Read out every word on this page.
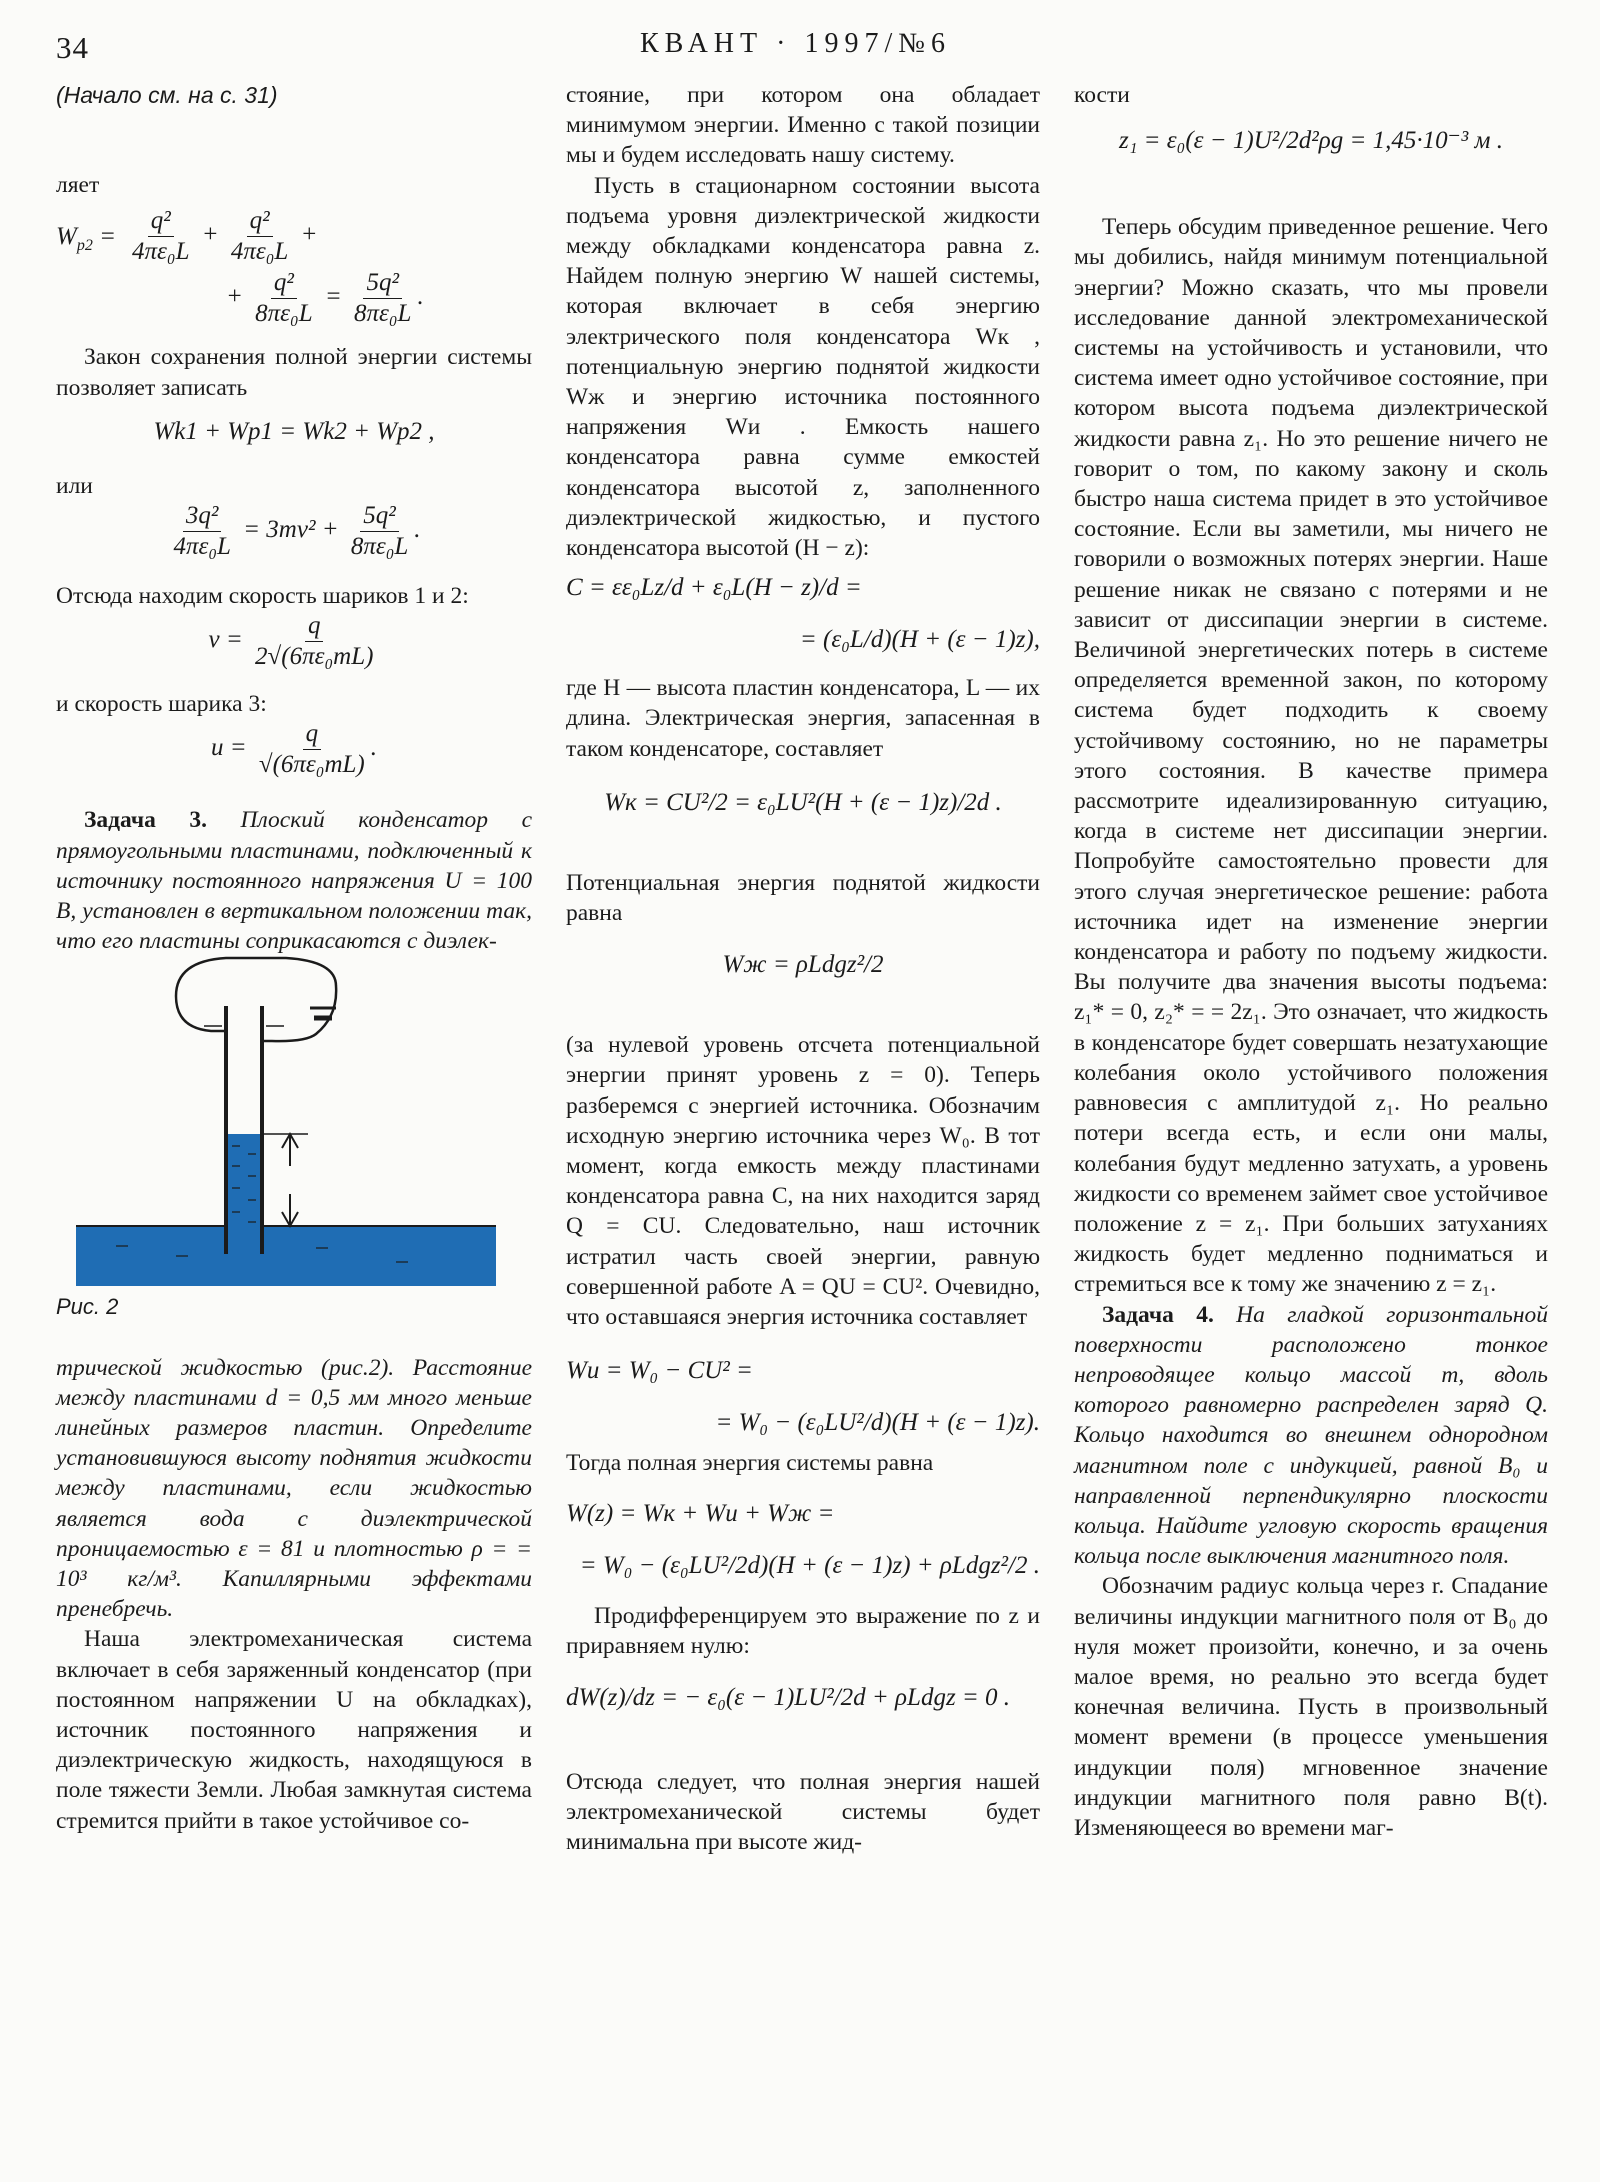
34	КВАНТ · 1997/№6

(Начало см. на с. 31)

ляет

$W_{p2} = \frac{\text{q²}}{\text{4πε₀L}} + \frac{\text{q²}}{\text{4πε₀L}}$ +
+ $\frac{\text{q²}}{\text{8πε₀L}} = \frac{\text{5q²}}{\text{8πε₀L}}$ .

Закон сохранения полной энергии системы позволяет записать

Wk1 + Wp1 = Wk2 + Wp2 ,

или

$\frac{\text{3q²}}{\text{4πε₀L}} = 3mv^2 + \frac{\text{5q²}}{\text{8πε₀L}}$ .

Отсюда находим скорость шариков 1 и 2:

$v = \frac{q}{\text{2√(6πε₀mL)}}$

и скорость шарика 3:

$u = \frac{q}{\text{√(6πε₀mL)}}$ .

Задача 3. Плоский конденсатор с прямоугольными пластинами, подключенный к источнику постоянного напряжения U = 100 В, установлен в вертикальном положении так, что его пластины соприкасаются с диэлек-

Рис. 2

трической жидкостью (рис.2). Расстояние между пластинами d = 0,5 мм много меньше линейных размеров пластин. Определите установившуюся высоту поднятия жидкости между пластинами, если жидкостью является вода с диэлектрической проницаемостью ε = 81 и плотностью ρ = = 10³ кг/м³. Капиллярными эффектами пренебречь.

Наша электромеханическая система включает в себя заряженный конденсатор (при постоянном напряжении U на обкладках), источник постоянного напряжения и диэлектрическую жидкость, находящуюся в поле тяжести Земли. Любая замкнутая система стремится прийти в такое устойчивое со-

стояние, при котором она обладает минимумом энергии. Именно с такой позиции мы и будем исследовать нашу систему.

Пусть в стационарном состоянии высота подъема уровня диэлектрической жидкости между обкладками конденсатора равна z. Найдем полную энергию W нашей системы, которая включает в себя энергию электрического поля конденсатора Wк , потенциальную энергию поднятой жидкости Wж и энергию источника постоянного напряжения Wи . Емкость нашего конденсатора равна сумме емкостей конденсатора высотой z, заполненного диэлектрической жидкостью, и пустого конденсатора высотой (H − z):

C = εε₀Lz/d + ε₀L(H − z)/d =
= (ε₀L/d)(H + (ε − 1)z),

где H — высота пластин конденсатора, L — их длина. Электрическая энергия, запасенная в таком конденсаторе, составляет

Wк = CU²/2 = ε₀LU²(H + (ε − 1)z)/2d .

Потенциальная энергия поднятой жидкости равна

Wж = ρLdgz²/2

(за нулевой уровень отсчета потенциальной энергии принят уровень z = 0). Теперь разберемся с энергией источника. Обозначим исходную энергию источника через W₀. В тот момент, когда емкость между пластинами конденсатора равна C, на них находится заряд Q = CU. Следовательно, наш источник истратил часть своей энергии, равную совершенной работе A = QU = CU². Очевидно, что оставшаяся энергия источника составляет

Wи = W₀ − CU² =
= W₀ − (ε₀LU²/d)(H + (ε − 1)z).

Тогда полная энергия системы равна

W(z) = Wк + Wи + Wж =
= W₀ − (ε₀LU²/2d)(H + (ε − 1)z) + ρLdgz²/2 .

Продифференцируем это выражение по z и приравняем нулю:

dW(z)/dz = − ε₀(ε − 1)LU²/2d + ρLdgz = 0 .

Отсюда следует, что полная энергия нашей электромеханической системы будет минимальна при высоте жид-

кости

z₁ = ε₀(ε − 1)U²/2d²ρg = 1,45·10⁻³ м .

Теперь обсудим приведенное решение. Чего мы добились, найдя минимум потенциальной энергии? Можно сказать, что мы провели исследование данной электромеханической системы на устойчивость и установили, что система имеет одно устойчивое состояние, при котором высота подъема диэлектрической жидкости равна z₁. Но это решение ничего не говорит о том, по какому закону и сколь быстро наша система придет в это устойчивое состояние. Если вы заметили, мы ничего не говорили о возможных потерях энергии. Наше решение никак не связано с потерями и не зависит от диссипации энергии в системе. Величиной энергетических потерь в системе определяется временной закон, по которому система будет подходить к своему устойчивому состоянию, но не параметры этого состояния. В качестве примера рассмотрите идеализированную ситуацию, когда в системе нет диссипации энергии. Попробуйте самостоятельно провести для этого случая энергетическое решение: работа источника идет на изменение энергии конденсатора и работу по подъему жидкости. Вы получите два значения высоты подъема: z₁* = 0, z₂* = = 2z₁. Это означает, что жидкость в конденсаторе будет совершать незатухающие колебания около устойчивого положения равновесия с амплитудой z₁. Но реально потери всегда есть, и если они малы, колебания будут медленно затухать, а уровень жидкости со временем займет свое устойчивое положение z = z₁. При больших затуханиях жидкость будет медленно подниматься и стремиться все к тому же значению z = z₁.

Задача 4. На гладкой горизонтальной поверхности расположено тонкое непроводящее кольцо массой m, вдоль которого равномерно распределен заряд Q. Кольцо находится во внешнем однородном магнитном поле с индукцией, равной B₀ и направленной перпендикулярно плоскости кольца. Найдите угловую скорость вращения кольца после выключения магнитного поля.

Обозначим радиус кольца через r. Спадание величины индукции магнитного поля от B₀ до нуля может произойти, конечно, и за очень малое время, но реально это всегда будет конечная величина. Пусть в произвольный момент времени (в процессе уменьшения индукции поля) мгновенное значение индукции магнитного поля равно B(t). Изменяющееся во времени маг-
